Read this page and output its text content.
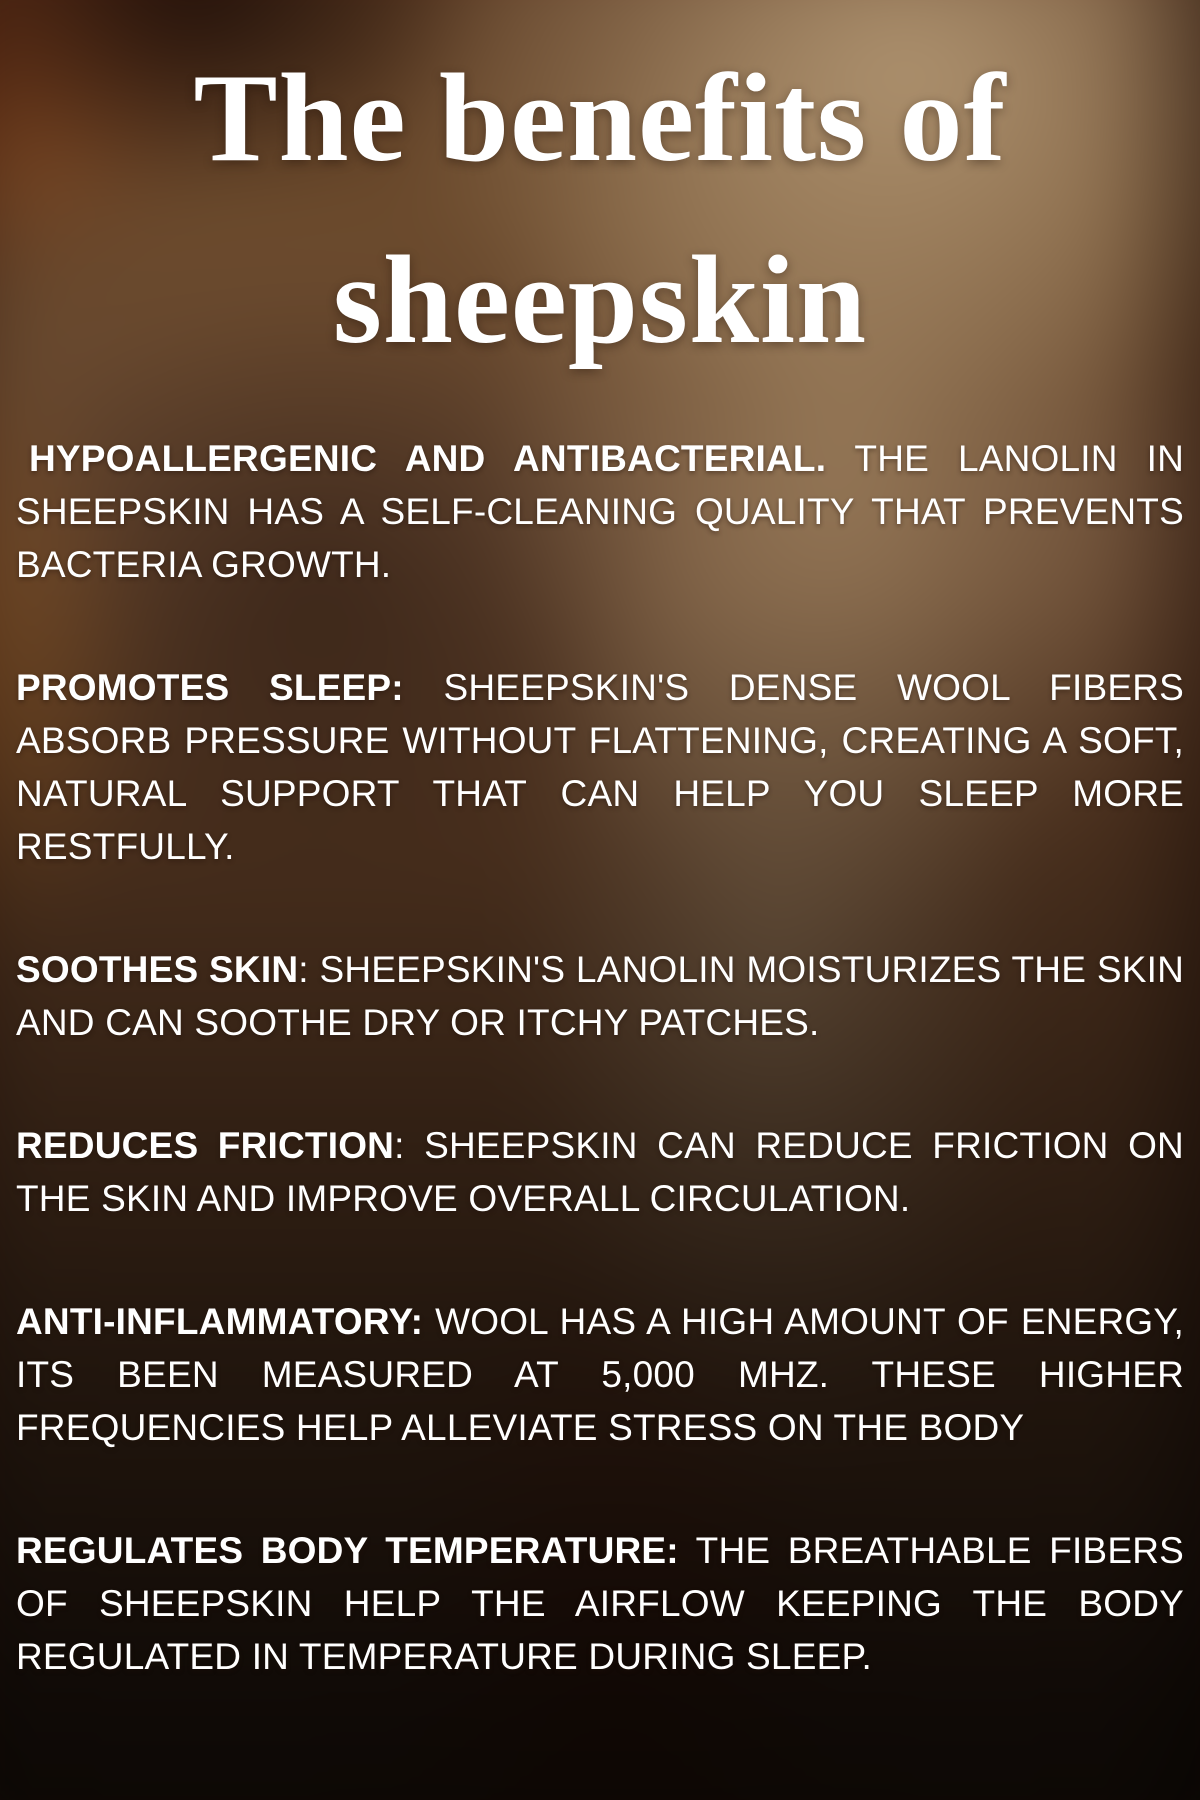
The benefits of
sheepskin

HYPOALLERGENIC AND ANTIBACTERIAL. THE LANOLIN IN SHEEPSKIN HAS A SELF-CLEANING QUALITY THAT PREVENTS BACTERIA GROWTH.

PROMOTES SLEEP: SHEEPSKIN'S DENSE WOOL FIBERS ABSORB PRESSURE WITHOUT FLATTENING, CREATING A SOFT, NATURAL SUPPORT THAT CAN HELP YOU SLEEP MORE RESTFULLY.

SOOTHES SKIN: SHEEPSKIN'S LANOLIN MOISTURIZES THE SKIN AND CAN SOOTHE DRY OR ITCHY PATCHES.

REDUCES FRICTION: SHEEPSKIN CAN REDUCE FRICTION ON THE SKIN AND IMPROVE OVERALL CIRCULATION.

ANTI-INFLAMMATORY: WOOL HAS A HIGH AMOUNT OF ENERGY, ITS BEEN MEASURED AT 5,000 MHZ. THESE HIGHER FREQUENCIES HELP ALLEVIATE STRESS ON THE BODY

REGULATES BODY TEMPERATURE: THE BREATHABLE FIBERS OF SHEEPSKIN HELP THE AIRFLOW KEEPING THE BODY REGULATED IN TEMPERATURE DURING SLEEP.
